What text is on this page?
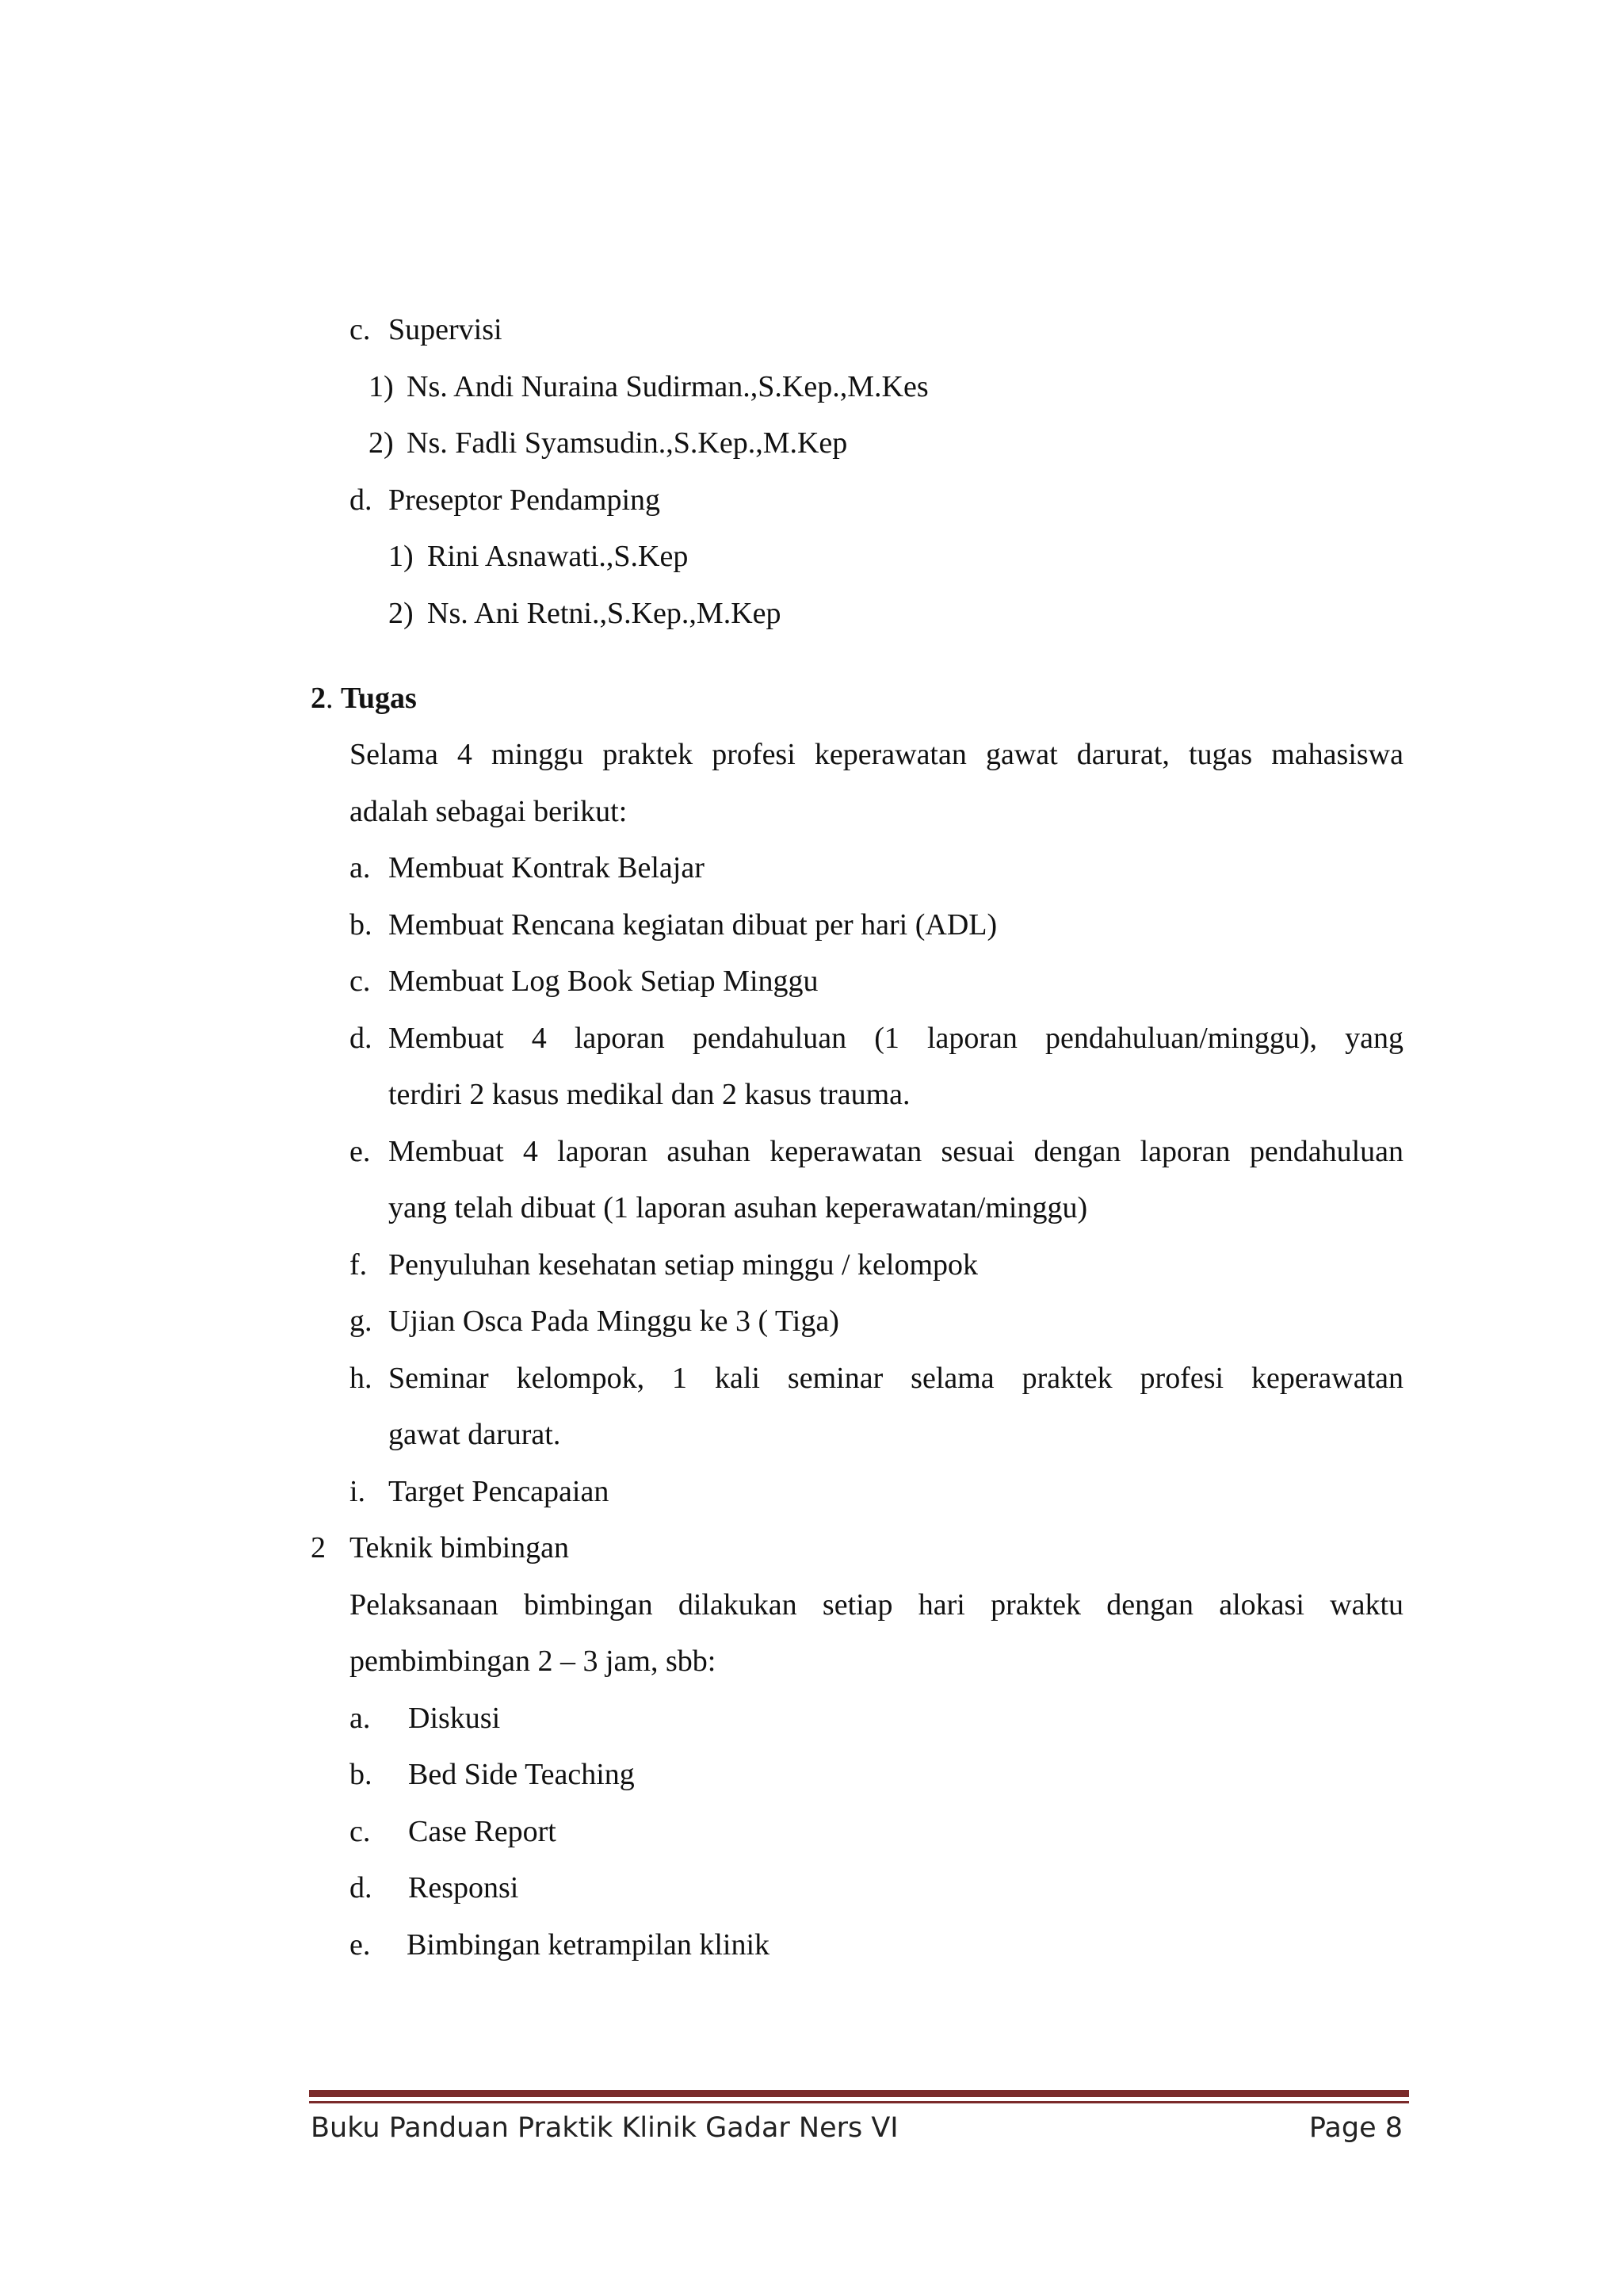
c. Supervisi
1) Ns. Andi Nuraina Sudirman.,S.Kep.,M.Kes
2) Ns. Fadli Syamsudin.,S.Kep.,M.Kep
d. Preseptor Pendamping
1) Rini Asnawati.,S.Kep
2) Ns. Ani Retni.,S.Kep.,M.Kep
2. Tugas
Selama 4 minggu praktek profesi keperawatan gawat darurat, tugas mahasiswa
adalah sebagai berikut:
a. Membuat Kontrak Belajar
b. Membuat Rencana kegiatan dibuat per hari (ADL)
c. Membuat Log Book Setiap Minggu
d. Membuat 4 laporan pendahuluan (1 laporan pendahuluan/minggu), yang
terdiri 2 kasus medikal dan 2 kasus trauma.
e. Membuat 4 laporan asuhan keperawatan sesuai dengan laporan pendahuluan
yang telah dibuat (1 laporan asuhan keperawatan/minggu)
f. Penyuluhan kesehatan setiap minggu / kelompok
g. Ujian Osca Pada Minggu ke 3 ( Tiga)
h. Seminar kelompok, 1 kali seminar selama praktek profesi keperawatan
gawat darurat.
i. Target Pencapaian
2 Teknik bimbingan
Pelaksanaan bimbingan dilakukan setiap hari praktek dengan alokasi waktu
pembimbingan 2 – 3 jam, sbb:
a. Diskusi
b. Bed Side Teaching
c. Case Report
d. Responsi
e. Bimbingan ketrampilan klinik
Buku Panduan Praktik Klinik Gadar Ners VI	Page 8
